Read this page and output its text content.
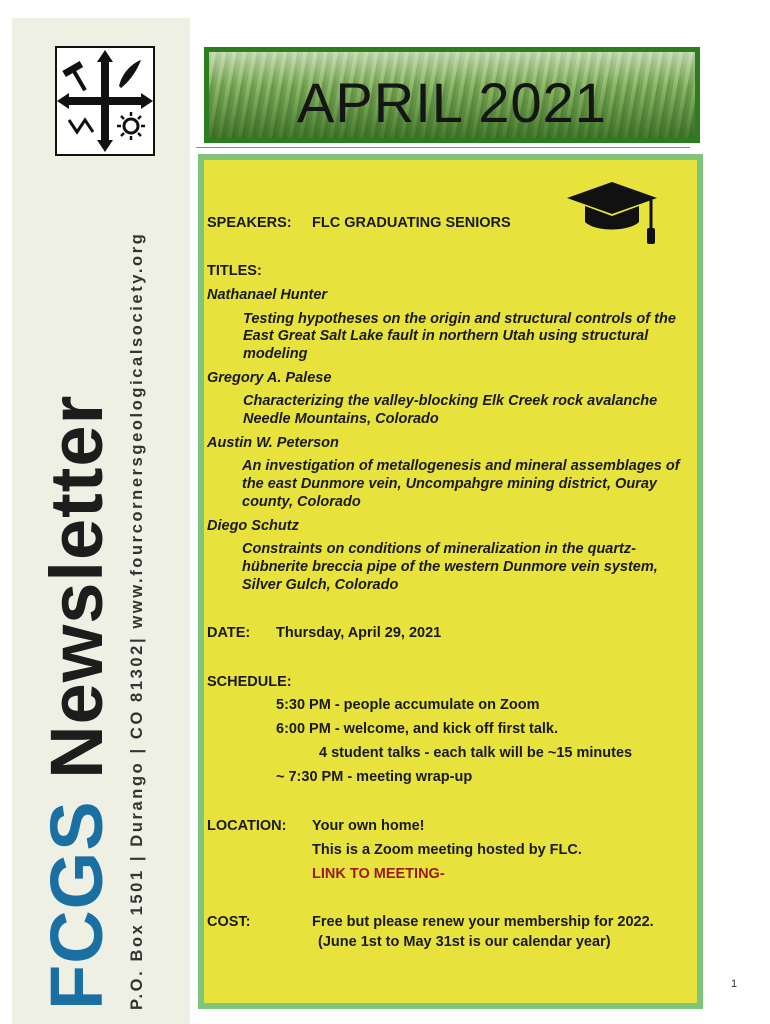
FCGS Newsletter P.O. Box 1501 | Durango | CO 81302| www.fourcornersgeologicalsociety.org
APRIL 2021
SPEAKERS: FLC GRADUATING SENIORS
TITLES:
Nathanael Hunter
Testing hypotheses on the origin and structural controls of the
East Great Salt Lake fault in northern Utah using structural
modeling
Gregory A. Palese
Characterizing the valley-blocking Elk Creek rock avalanche
Needle Mountains, Colorado
Austin W. Peterson
An investigation of metallogenesis and mineral assemblages of
the east Dunmore vein, Uncompahgre mining district, Ouray
county, Colorado
Diego Schutz
Constraints on conditions of mineralization in the quartz-
hübnerite breccia pipe of the western Dunmore vein system,
Silver Gulch, Colorado
DATE: Thursday, April 29, 2021
SCHEDULE:
5:30 PM - people accumulate on Zoom
6:00 PM - welcome, and kick off first talk.
4 student talks - each talk will be ~15 minutes
~ 7:30 PM - meeting wrap-up
LOCATION: Your own home!
This is a Zoom meeting hosted by FLC.
LINK TO MEETING-
COST:	Free but please renew your membership for 2022.
(June 1st to May 31st is our calendar year)
1
